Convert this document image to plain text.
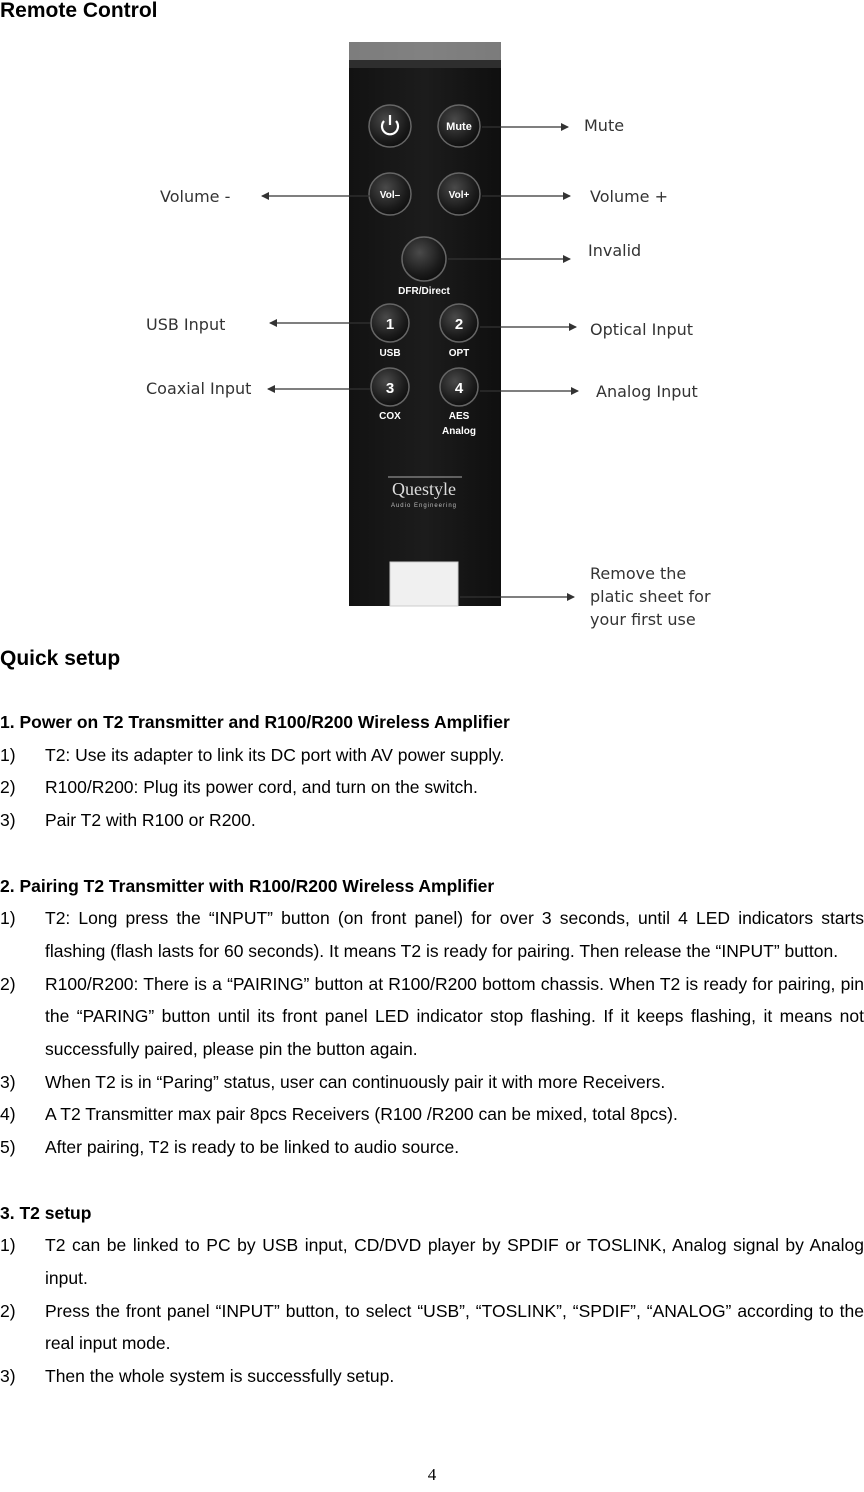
Remote Control
Mute
Vol–	Vol+
DFR/Direct
1
USB
2
OPT
3
COX
4
AES
Analog
Questyle
Audio Engineering
Mute
Volume -	Volume +
Invalid
USB Input	Optical Input
Coaxial Input	Analog Input
Remove the
platic sheet for
your first use
Quick setup

1. Power on T2 Transmitter and R100/R200 Wireless Amplifier

1) T2: Use its adapter to link its DC port with AV power supply.

2) R100/R200: Plug its power cord, and turn on the switch.

3) Pair T2 with R100 or R200.

2. Pairing T2 Transmitter with R100/R200 Wireless Amplifier

1) T2: Long press the “INPUT” button (on front panel) for over 3 seconds, until 4 LED indicators starts flashing (flash lasts for 60 seconds). It means T2 is ready for pairing. Then release the “INPUT” button.

2) R100/R200: There is a “PAIRING” button at R100/R200 bottom chassis. When T2 is ready for pairing, pin the “PARING” button until its front panel LED indicator stop flashing. If it keeps flashing, it means not successfully paired, please pin the button again.

3) When T2 is in “Paring” status, user can continuously pair it with more Receivers.

4) A T2 Transmitter max pair 8pcs Receivers (R100 /R200 can be mixed, total 8pcs).

5) After pairing, T2 is ready to be linked to audio source.

3. T2 setup

1) T2 can be linked to PC by USB input, CD/DVD player by SPDIF or TOSLINK, Analog signal by Analog input.

2) Press the front panel “INPUT” button, to select “USB”, “TOSLINK”, “SPDIF”, “ANALOG” according to the real input mode.

3) Then the whole system is successfully setup.

4
